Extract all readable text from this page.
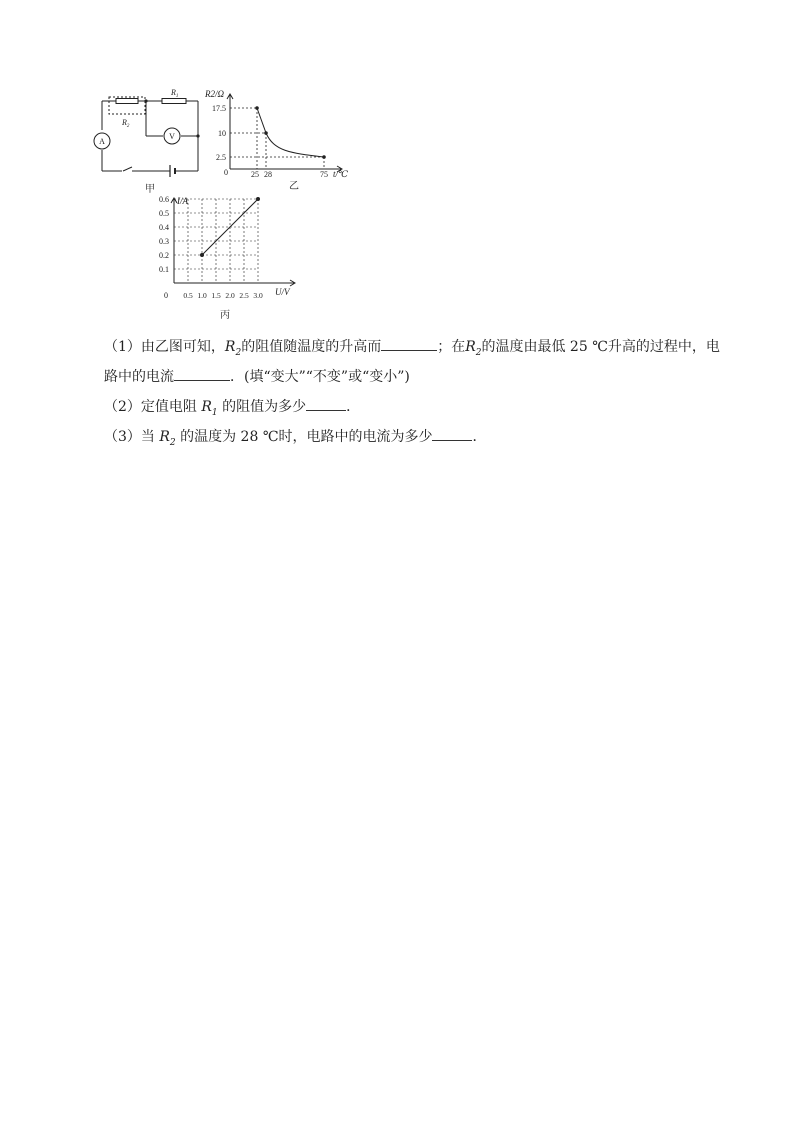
A
V
$R_1$
$R_2$
甲
25 28	75
17.5
10
2.5
R2/Ω
t/℃
0
乙
0.5 1.0 1.5 2.0 2.5 3.0
0.6
0.5
0.4
0.3
0.2
0.1
I/A
U/V
0
丙
（1）由乙图可知，$R_2$的阻值随温度的升高而	；在$R_2$的温度由最低 25 ℃升高的过程中，电
路中的电流	．(填“变大”“不变”或“变小”)
（2）定值电阻 $R_1$ 的阻值为多少	．
（3）当 $R_2$ 的温度为 28 ℃时，电路中的电流为多少	．
